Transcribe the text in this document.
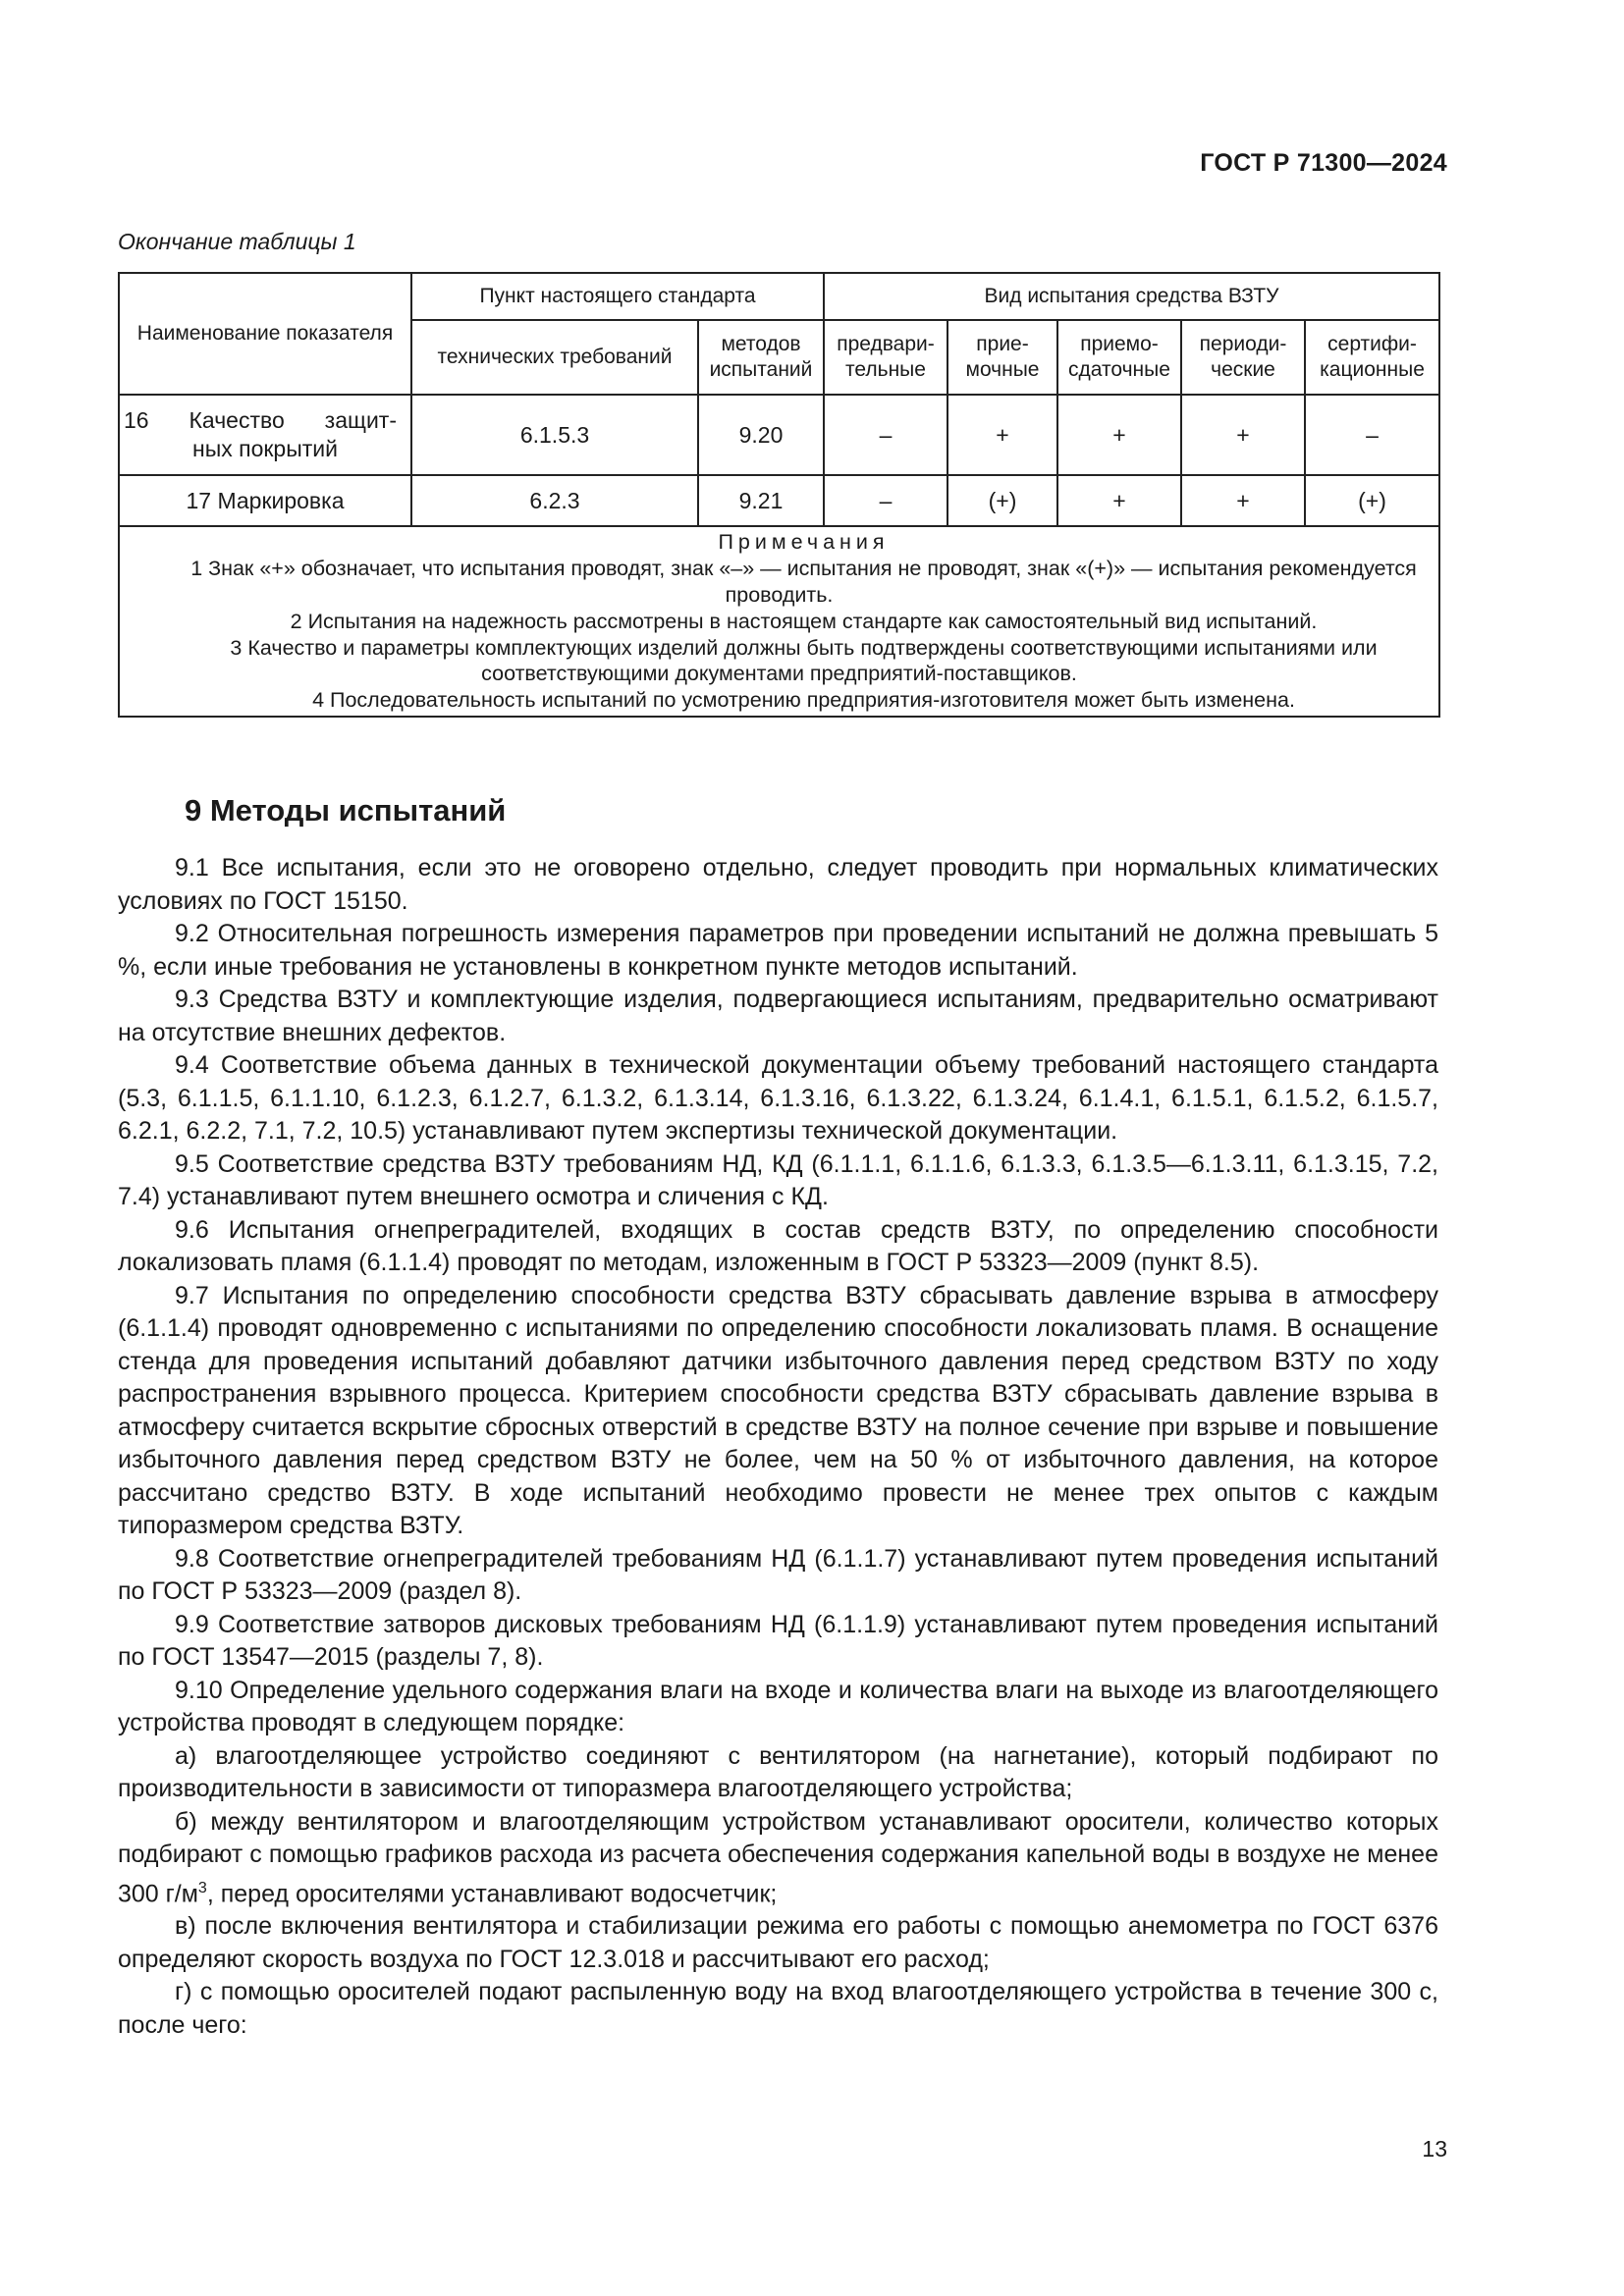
ГОСТ Р 71300—2024
Окончание таблицы 1
Наименование показателя	Пункт настоящего стандарта		Вид испытания средства ВЗТУ				
	технических требований	методов испытаний	предвари-тельные	прие-мочные	приемо-сдаточные	периоди-ческие	сертифи-кационные

16 Качество защит-
ных покрытий	6.1.5.3	9.20	–	+	+	+	–
17 Маркировка	6.2.3	9.21	–	(+)	+	+	(+)

Примечания

1 Знак «+» обозначает, что испытания проводят, знак «–» — испытания не проводят, знак «(+)» — испытания рекомендуется проводить.

2 Испытания на надежность рассмотрены в настоящем стандарте как самостоятельный вид испытаний.

3 Качество и параметры комплектующих изделий должны быть подтверждены соответствующими испытаниями или соответствующими документами предприятий-поставщиков.

4 Последовательность испытаний по усмотрению предприятия-изготовителя может быть изменена.							

9 Методы испытаний

9.1 Все испытания, если это не оговорено отдельно, следует проводить при нормальных климатических условиях по ГОСТ 15150.

9.2 Относительная погрешность измерения параметров при проведении испытаний не должна превышать 5 %, если иные требования не установлены в конкретном пункте методов испытаний.

9.3 Средства ВЗТУ и комплектующие изделия, подвергающиеся испытаниям, предварительно осматривают на отсутствие внешних дефектов.

9.4 Соответствие объема данных в технической документации объему требований настоящего стандарта (5.3, 6.1.1.5, 6.1.1.10, 6.1.2.3, 6.1.2.7, 6.1.3.2, 6.1.3.14, 6.1.3.16, 6.1.3.22, 6.1.3.24, 6.1.4.1, 6.1.5.1, 6.1.5.2, 6.1.5.7, 6.2.1, 6.2.2, 7.1, 7.2, 10.5) устанавливают путем экспертизы технической документации.

9.5 Соответствие средства ВЗТУ требованиям НД, КД (6.1.1.1, 6.1.1.6, 6.1.3.3, 6.1.3.5—6.1.3.11, 6.1.3.15, 7.2, 7.4) устанавливают путем внешнего осмотра и сличения с КД.

9.6 Испытания огнепреградителей, входящих в состав средств ВЗТУ, по определению способности локализовать пламя (6.1.1.4) проводят по методам, изложенным в ГОСТ Р 53323—2009 (пункт 8.5).

9.7 Испытания по определению способности средства ВЗТУ сбрасывать давление взрыва в атмосферу (6.1.1.4) проводят одновременно с испытаниями по определению способности локализовать пламя. В оснащение стенда для проведения испытаний добавляют датчики избыточного давления перед средством ВЗТУ по ходу распространения взрывного процесса. Критерием способности средства ВЗТУ сбрасывать давление взрыва в атмосферу считается вскрытие сбросных отверстий в средстве ВЗТУ на полное сечение при взрыве и повышение избыточного давления перед средством ВЗТУ не более, чем на 50 % от избыточного давления, на которое рассчитано средство ВЗТУ. В ходе испытаний необходимо провести не менее трех опытов с каждым типоразмером средства ВЗТУ.

9.8 Соответствие огнепреградителей требованиям НД (6.1.1.7) устанавливают путем проведения испытаний по ГОСТ Р 53323—2009 (раздел 8).

9.9 Соответствие затворов дисковых требованиям НД (6.1.1.9) устанавливают путем проведения испытаний по ГОСТ 13547—2015 (разделы 7, 8).

9.10 Определение удельного содержания влаги на входе и количества влаги на выходе из влагоотделяющего устройства проводят в следующем порядке:

а) влагоотделяющее устройство соединяют с вентилятором (на нагнетание), который подбирают по производительности в зависимости от типоразмера влагоотделяющего устройства;

б) между вентилятором и влагоотделяющим устройством устанавливают оросители, количество которых подбирают с помощью графиков расхода из расчета обеспечения содержания капельной воды в воздухе не менее 300 $г/м^3$, перед оросителями устанавливают водосчетчик;

в) после включения вентилятора и стабилизации режима его работы с помощью анемометра по ГОСТ 6376 определяют скорость воздуха по ГОСТ 12.3.018 и рассчитывают его расход;

г) с помощью оросителей подают распыленную воду на вход влагоотделяющего устройства в течение 300 с, после чего:

13
